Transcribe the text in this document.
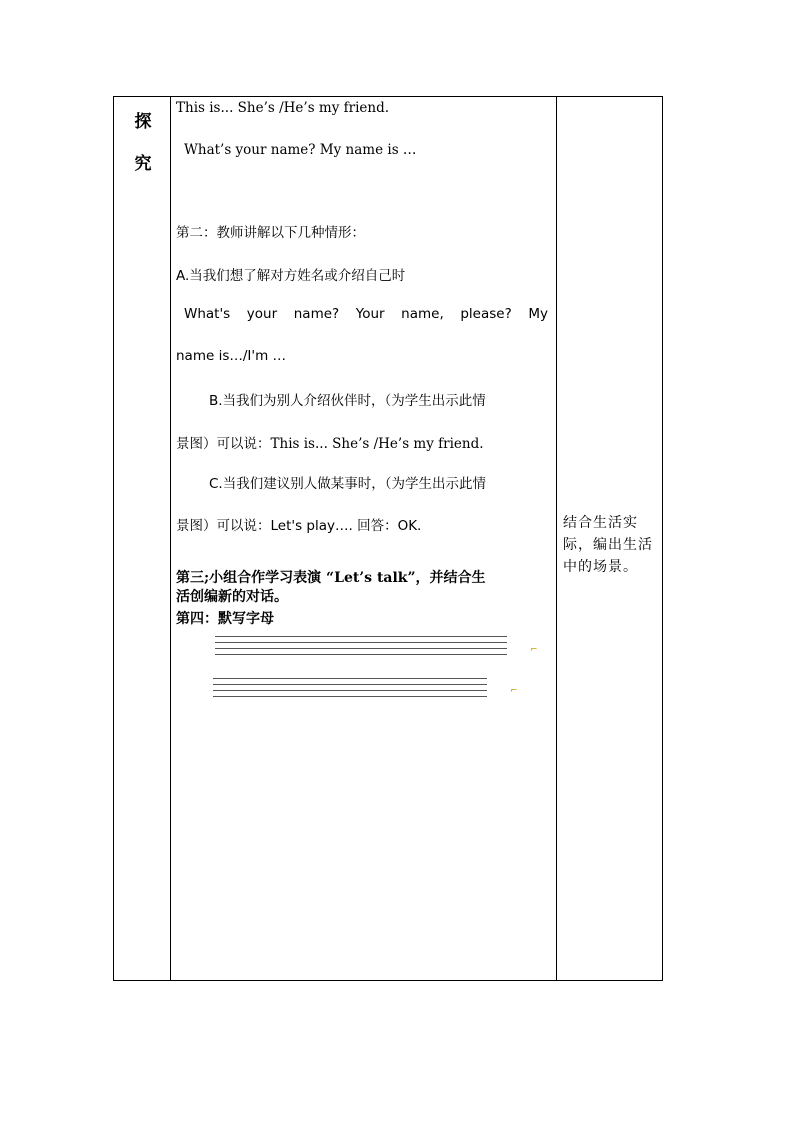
探
究
This is... She’s /He’s my friend.
What’s your name? My name is …
第二：教师讲解以下几种情形：
A.当我们想了解对方姓名或介绍自己时
What's your name? Your name, please? My
name is…/I'm …
B.当我们为别人介绍伙伴时，（为学生出示此情
景图）可以说：This is... She’s /He’s my friend.
C.当我们建议别人做某事时，（为学生出示此情
景图）可以说：Let's play…. 回答：OK.
第三;小组合作学习表演 “Let’s talk”，并结合生
活创编新的对话。
第四：默写字母
⌐
⌐
结合生活实际，编出生活中的场景。
